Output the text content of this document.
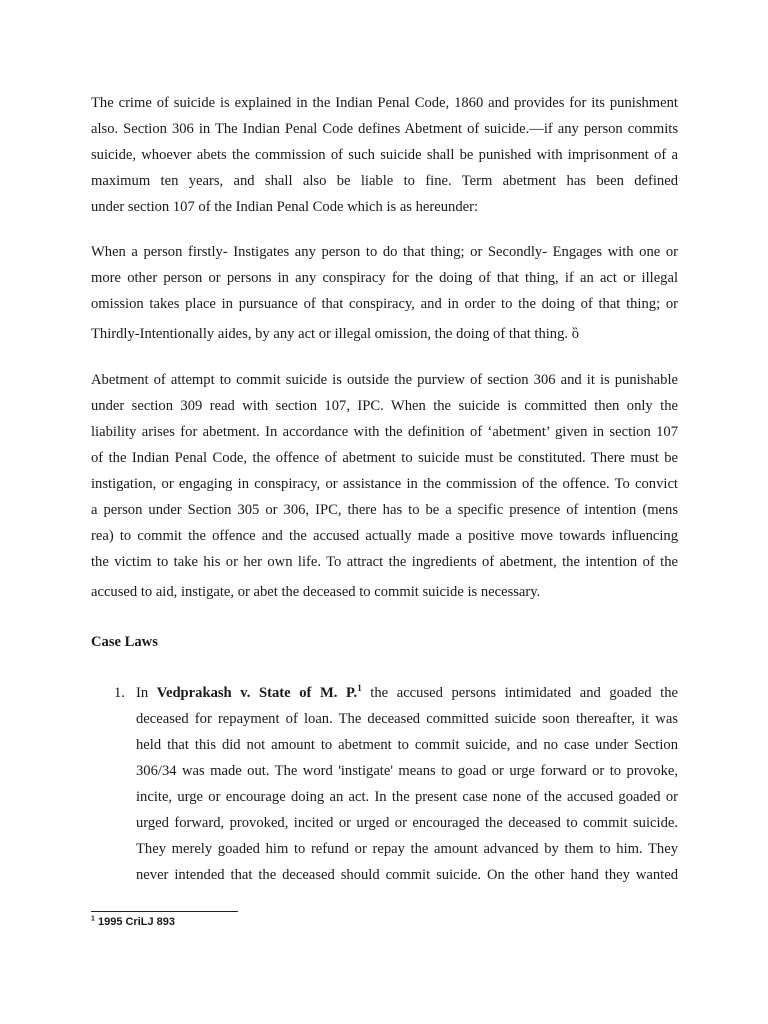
The crime of suicide is explained in the Indian Penal Code, 1860 and provides for its punishment
also. Section 306 in The Indian Penal Code defines Abetment of suicide.—if any person commits
suicide, whoever abets the commission of such suicide shall be punished with imprisonment of a
maximum ten years, and shall also be liable to fine. Term abetment has been defined
under section 107 of the Indian Penal Code which is as hereunder:
When a person firstly- Instigates any person to do that thing; or Secondly- Engages with one or
more other person or persons in any conspiracy for the doing of that thing, if an act or illegal
omission takes place in pursuance of that conspiracy, and in order to the doing of that thing; or
Thirdly-Intentionally aides, by any act or illegal omission, the doing of that thing. ȍ
Abetment of attempt to commit suicide is outside the purview of section 306 and it is punishable
under section 309 read with section 107, IPC. When the suicide is committed then only the
liability arises for abetment. In accordance with the definition of ‘abetment’ given in section 107
of the Indian Penal Code, the offence of abetment to suicide must be constituted. There must be
instigation, or engaging in conspiracy, or assistance in the commission of the offence. To convict
a person under Section 305 or 306, IPC, there has to be a specific presence of intention (mens
rea) to commit the offence and the accused actually made a positive move towards influencing
the victim to take his or her own life. To attract the ingredients of abetment, the intention of the
accused to aid, instigate, or abet the deceased to commit suicide is necessary.
Case Laws
1. In Vedprakash v. State of M. P.$^1$ the accused persons intimidated and goaded the
deceased for repayment of loan. The deceased committed suicide soon thereafter, it was
held that this did not amount to abetment to commit suicide, and no case under Section
306/34 was made out. The word 'instigate' means to goad or urge forward or to provoke,
incite, urge or encourage doing an act. In the present case none of the accused goaded or
urged forward, provoked, incited or urged or encouraged the deceased to commit suicide.
They merely goaded him to refund or repay the amount advanced by them to him. They
never intended that the deceased should commit suicide. On the other hand they wanted
$^1$ 1995 CriLJ 893
